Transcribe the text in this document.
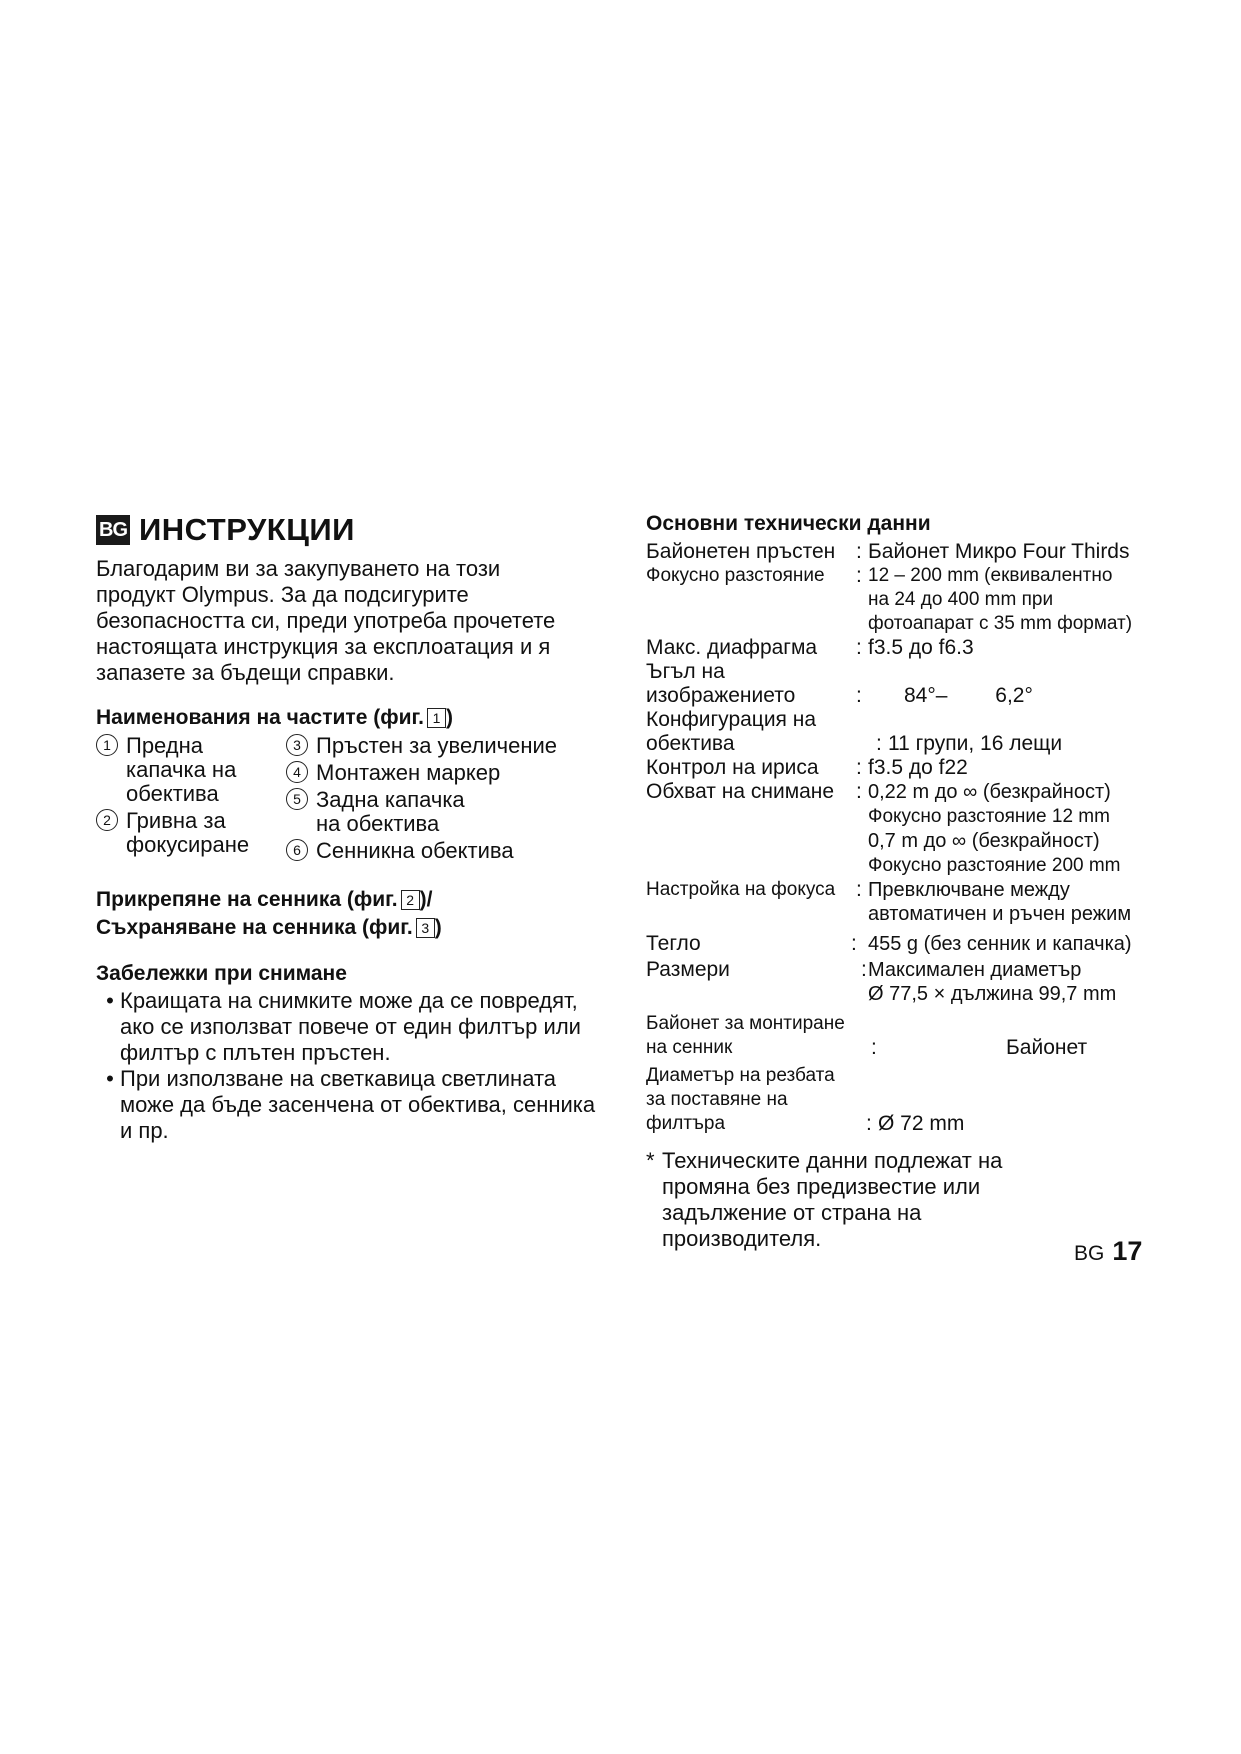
BG ИНСТРУКЦИИ

Благодарим ви за закупуването на този
продукт Olympus. За да подсигурите
безопасността си, преди употреба прочетете
настоящата инструкция за експлоатация и я
запазете за бъдещи справки.

Наименования на частите (фиг. 1 )

1 Предна капачка на обектива
2 Гривна за фокусиране
3 Пръстен за увеличение
4 Монтажен маркер
5 Задна капачка на обектива
6 Сенникна обектива

Прикрепяне на сенника (фиг. 2 )/
Съхраняване на сенника (фиг. 3 )

Забележки при снимане

• Краищата на снимките може да се повредят, ако се използват повече от един филтър или филтър с плътен пръстен.
• При използване на светкавица светлината може да бъде засенчена от обектива, сенника и пр.

Основни технически данни

Байонетен пръстен : Байонет Микро Four Thirds
Фокусно разстояние	: 12 – 200 mm (еквивалентно
на 24 до 400 mm при
фотоапарат с 35 mm формат)
Макс. диафрагма	: f3.5 до f6.3
Ъгъл на изображението	:	84°– 6,2°
Конфигурация на обектива	: 11 групи, 16 лещи
Контрол на ириса	: f3.5 до f22
Обхват на снимане	: 0,22 m до ∞ (безкрайност)
Фокусно разстояние 12 mm
0,7 m до ∞ (безкрайност)
Фокусно разстояние 200 mm
Настройка на фокуса : Превключване между
автоматичен и ръчен режим
Тегло	: 455 g (без сенник и капачка)
Размери	: Максимален диаметър
Ø 77,5 × дължина 99,7 mm
Байонет за монтиране на сенник	:	Байонет
Диаметър на резбата за поставяне на филтъра	: Ø 72 mm
* Техническите данни подлежат на промяна без предизвестие или задължение от страна на производителя.
BG 17
